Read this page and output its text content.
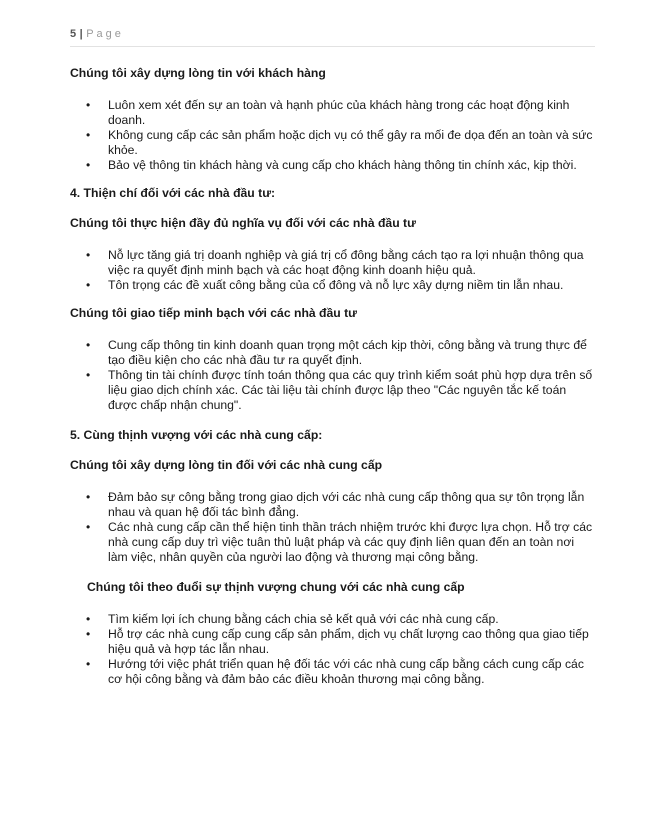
5 | Page

Chúng tôi xây dựng lòng tin với khách hàng

• Luôn xem xét đến sự an toàn và hạnh phúc của khách hàng trong các hoạt động kinh doanh.
• Không cung cấp các sản phẩm hoặc dịch vụ có thể gây ra mối đe dọa đến an toàn và sức khỏe.
• Bảo vệ thông tin khách hàng và cung cấp cho khách hàng thông tin chính xác, kịp thời.

4. Thiện chí đối với các nhà đầu tư:

Chúng tôi thực hiện đầy đủ nghĩa vụ đối với các nhà đầu tư

• Nỗ lực tăng giá trị doanh nghiệp và giá trị cổ đông bằng cách tạo ra lợi nhuận thông qua việc ra quyết định minh bạch và các hoạt động kinh doanh hiệu quả.
• Tôn trọng các đề xuất công bằng của cổ đông và nỗ lực xây dựng niềm tin lẫn nhau.

Chúng tôi giao tiếp minh bạch với các nhà đầu tư

• Cung cấp thông tin kinh doanh quan trọng một cách kịp thời, công bằng và trung thực để tạo điều kiện cho các nhà đầu tư ra quyết định.
• Thông tin tài chính được tính toán thông qua các quy trình kiểm soát phù hợp dựa trên số liệu giao dịch chính xác. Các tài liệu tài chính được lập theo "Các nguyên tắc kế toán được chấp nhận chung".

5. Cùng thịnh vượng với các nhà cung cấp:

Chúng tôi xây dựng lòng tin đối với các nhà cung cấp

• Đảm bảo sự công bằng trong giao dịch với các nhà cung cấp thông qua sự tôn trọng lẫn nhau và quan hệ đối tác bình đẳng.
• Các nhà cung cấp cần thể hiện tinh thần trách nhiệm trước khi được lựa chọn. Hỗ trợ các nhà cung cấp duy trì việc tuân thủ luật pháp và các quy định liên quan đến an toàn nơi làm việc, nhân quyền của người lao động và thương mại công bằng.

Chúng tôi theo đuổi sự thịnh vượng chung với các nhà cung cấp

• Tìm kiếm lợi ích chung bằng cách chia sẻ kết quả với các nhà cung cấp.
• Hỗ trợ các nhà cung cấp cung cấp sản phẩm, dịch vụ chất lượng cao thông qua giao tiếp hiệu quả và hợp tác lẫn nhau.
• Hướng tới việc phát triển quan hệ đối tác với các nhà cung cấp bằng cách cung cấp các cơ hội công bằng và đảm bảo các điều khoản thương mại công bằng.
